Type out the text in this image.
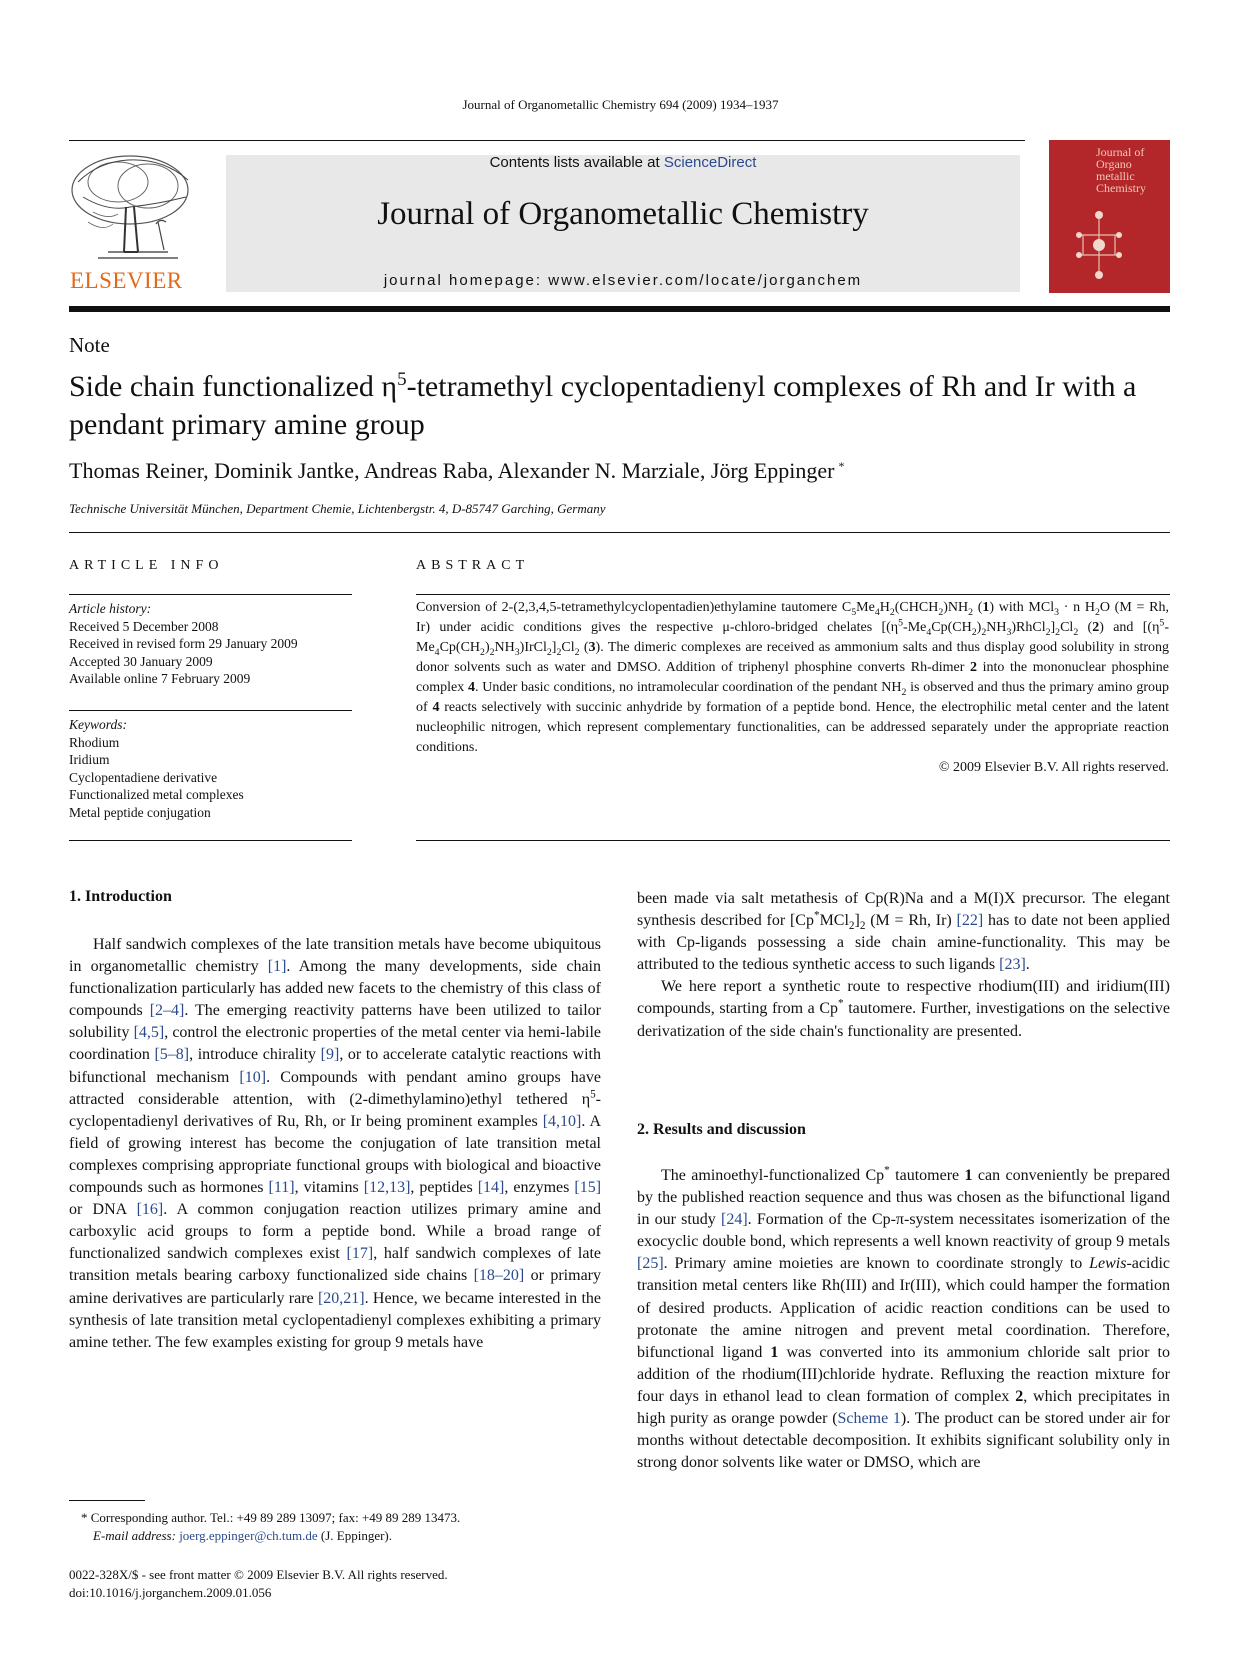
Journal of Organometallic Chemistry 694 (2009) 1934–1937
ELSEVIER
Contents lists available at ScienceDirect
Journal of Organometallic Chemistry
journal homepage: www.elsevier.com/locate/jorganchem
Journal of Organo metallic Chemistry
Note
Side chain functionalized $\eta^5$-tetramethyl cyclopentadienyl complexes of Rh and Ir with a pendant primary amine group
Thomas Reiner, Dominik Jantke, Andreas Raba, Alexander N. Marziale, Jörg Eppinger *
Technische Universität München, Department Chemie, Lichtenbergstr. 4, D-85747 Garching, Germany
ARTICLE INFO
Article history:
Received 5 December 2008
Received in revised form 29 January 2009
Accepted 30 January 2009
Available online 7 February 2009
Keywords:
Rhodium
Iridium
Cyclopentadiene derivative
Functionalized metal complexes
Metal peptide conjugation
ABSTRACT
Conversion of 2-(2,3,4,5-tetramethylcyclopentadien)ethylamine tautomere $C_5Me_4H_2(CHCH_2)NH_2$ (1) with MCl$_3$ · n $H_2O$ (M = Rh, Ir) under acidic conditions gives the respective μ-chloro-bridged chelates $[(\eta^5-Me_4Cp(CH_2)_2NH_3)RhCl_2]_2Cl_2$ (2) and $[(\eta^5-Me_4Cp(CH_2)_2NH_3)IrCl_2]_2Cl_2$ (3). The dimeric complexes are received as ammonium salts and thus display good solubility in strong donor solvents such as water and DMSO. Addition of triphenyl phosphine converts Rh-dimer 2 into the mononuclear phosphine complex 4. Under basic conditions, no intramolecular coordination of the pendant $NH_2$ is observed and thus the primary amino group of 4 reacts selectively with succinic anhydride by formation of a peptide bond. Hence, the electrophilic metal center and the latent nucleophilic nitrogen, which represent complementary functionalities, can be addressed separately under the appropriate reaction conditions.
© 2009 Elsevier B.V. All rights reserved.
1. Introduction

Half sandwich complexes of the late transition metals have become ubiquitous in organometallic chemistry [1]. Among the many developments, side chain functionalization particularly has added new facets to the chemistry of this class of compounds [2–4]. The emerging reactivity patterns have been utilized to tailor solubility [4,5], control the electronic properties of the metal center via hemi-labile coordination [5–8], introduce chirality [9], or to accelerate catalytic reactions with bifunctional mechanism [10]. Compounds with pendant amino groups have attracted considerable attention, with (2-dimethylamino)ethyl tethered $\eta^5$-cyclopentadienyl derivatives of Ru, Rh, or Ir being prominent examples [4,10]. A field of growing interest has become the conjugation of late transition metal complexes comprising appropriate functional groups with biological and bioactive compounds such as hormones [11], vitamins [12,13], peptides [14], enzymes [15] or DNA [16]. A common conjugation reaction utilizes primary amine and carboxylic acid groups to form a peptide bond. While a broad range of functionalized sandwich complexes exist [17], half sandwich complexes of late transition metals bearing carboxy functionalized side chains [18–20] or primary amine derivatives are particularly rare [20,21]. Hence, we became interested in the synthesis of late transition metal cyclopentadienyl complexes exhibiting a primary amine tether. The few examples existing for group 9 metals have

been made via salt metathesis of Cp(R)Na and a M(I)X precursor. The elegant synthesis described for $[Cp^*MCl_2]_2$ (M = Rh, Ir) [22] has to date not been applied with Cp-ligands possessing a side chain amine-functionality. This may be attributed to the tedious synthetic access to such ligands [23].

We here report a synthetic route to respective rhodium(III) and iridium(III) compounds, starting from a Cp* tautomere. Further, investigations on the selective derivatization of the side chain's functionality are presented.

2. Results and discussion

The aminoethyl-functionalized Cp* tautomere 1 can conveniently be prepared by the published reaction sequence and thus was chosen as the bifunctional ligand in our study [24]. Formation of the Cp-π-system necessitates isomerization of the exocyclic double bond, which represents a well known reactivity of group 9 metals [25]. Primary amine moieties are known to coordinate strongly to Lewis-acidic transition metal centers like Rh(III) and Ir(III), which could hamper the formation of desired products. Application of acidic reaction conditions can be used to protonate the amine nitrogen and prevent metal coordination. Therefore, bifunctional ligand 1 was converted into its ammonium chloride salt prior to addition of the rhodium(III)chloride hydrate. Refluxing the reaction mixture for four days in ethanol lead to clean formation of complex 2, which precipitates in high purity as orange powder (Scheme 1). The product can be stored under air for months without detectable decomposition. It exhibits significant solubility only in strong donor solvents like water or DMSO, which are

* Corresponding author. Tel.: +49 89 289 13097; fax: +49 89 289 13473.
E-mail address: joerg.eppinger@ch.tum.de (J. Eppinger).
0022-328X/$ - see front matter © 2009 Elsevier B.V. All rights reserved.
doi:10.1016/j.jorganchem.2009.01.056
